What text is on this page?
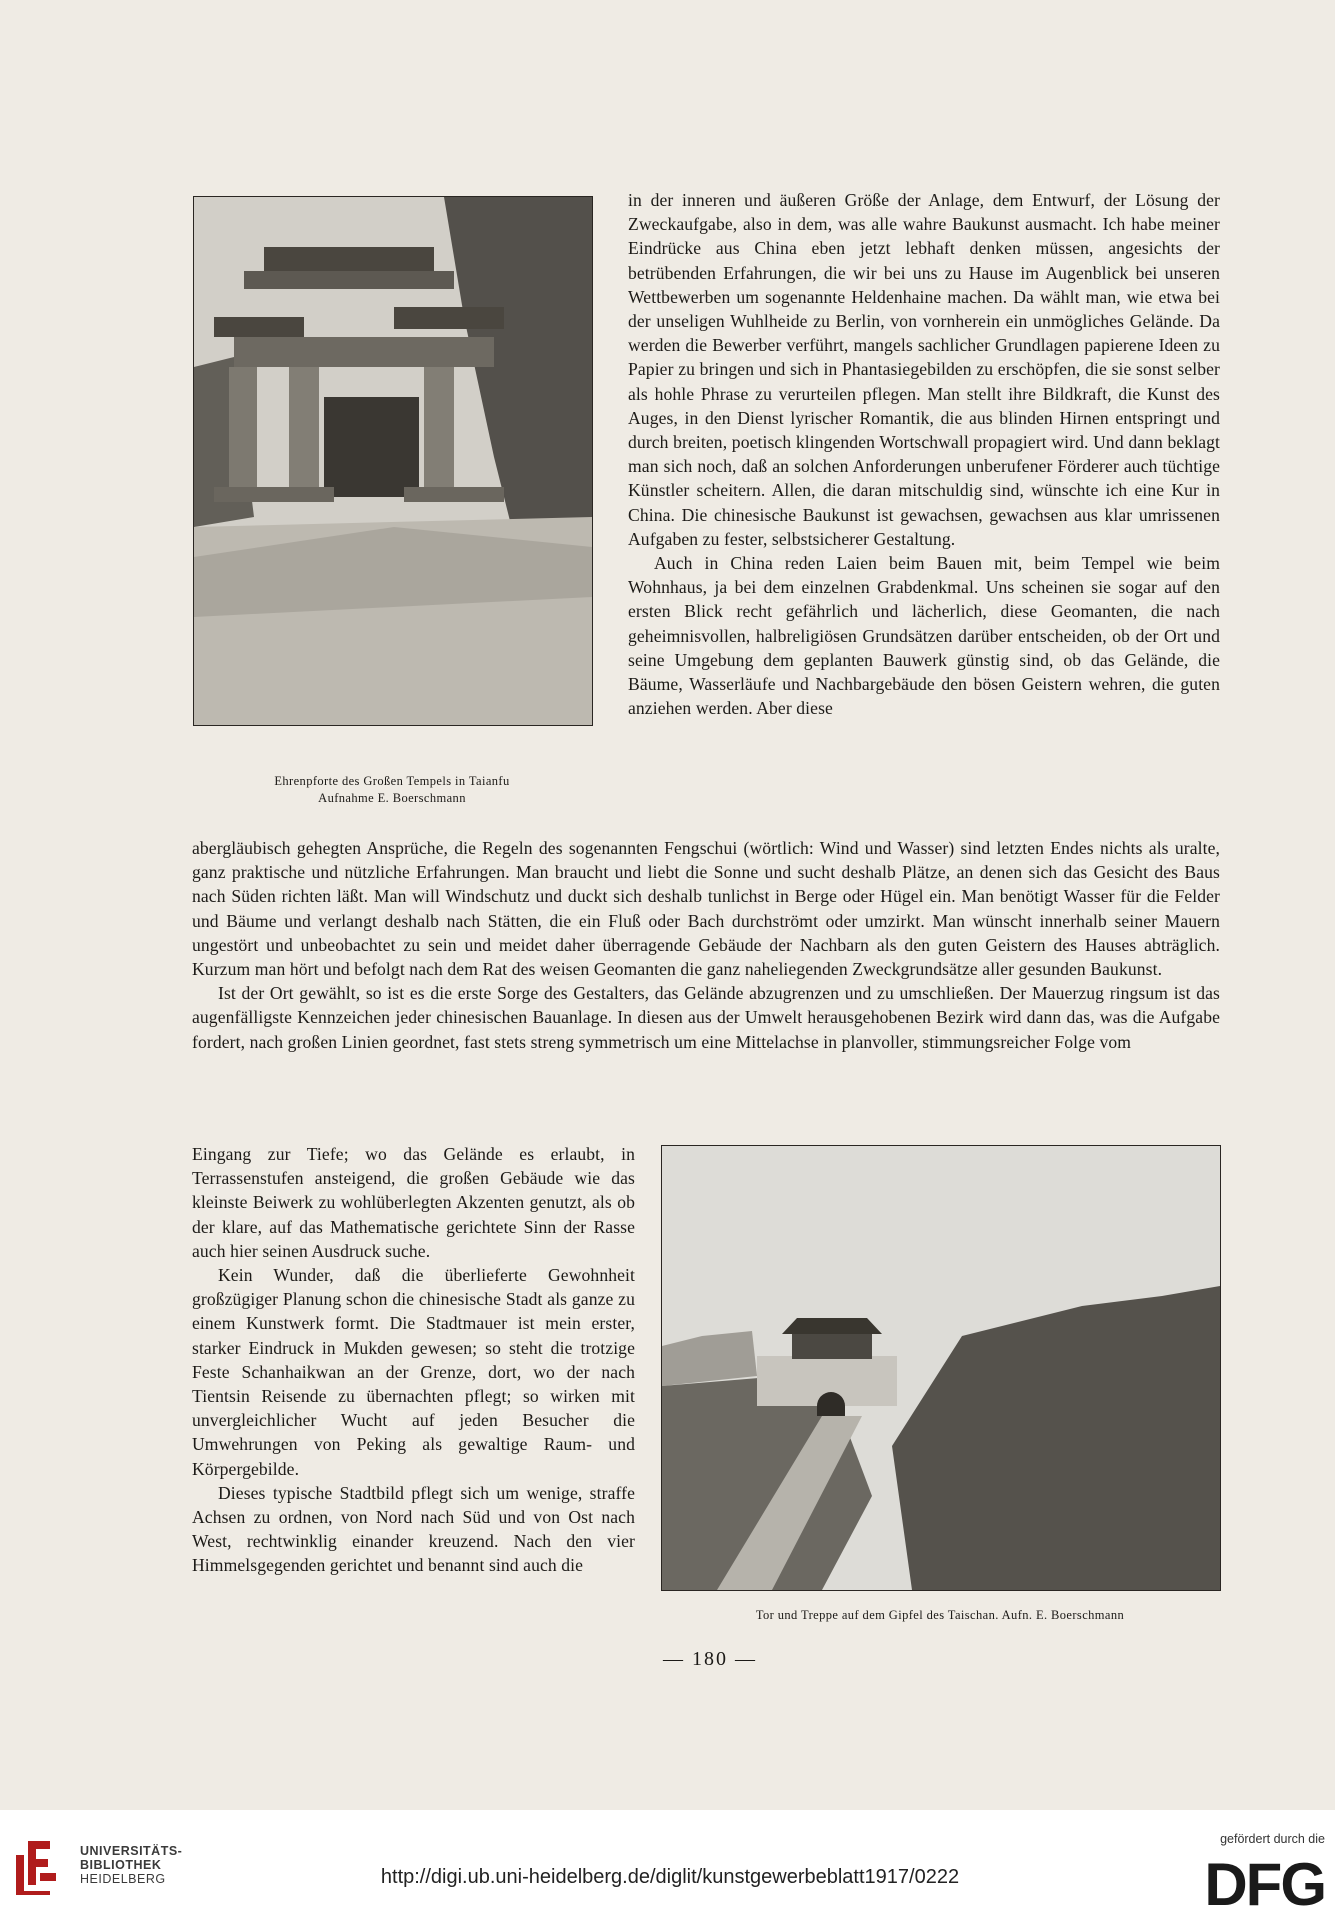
Ehrenpforte des Großen Tempels in Taianfu
Aufnahme E. Boerschmann

in der inneren und äußeren Größe der Anlage, dem Entwurf, der Lösung der Zweckaufgabe, also in dem, was alle wahre Baukunst ausmacht. Ich habe meiner Eindrücke aus China eben jetzt lebhaft denken müssen, angesichts der betrübenden Erfahrungen, die wir bei uns zu Hause im Augenblick bei unseren Wettbewerben um sogenannte Heldenhaine machen. Da wählt man, wie etwa bei der unseligen Wuhlheide zu Berlin, von vornherein ein unmögliches Gelände. Da werden die Bewerber verführt, mangels sachlicher Grundlagen papierene Ideen zu Papier zu bringen und sich in Phantasiegebilden zu erschöpfen, die sie sonst selber als hohle Phrase zu verurteilen pflegen. Man stellt ihre Bildkraft, die Kunst des Auges, in den Dienst lyrischer Romantik, die aus blinden Hirnen entspringt und durch breiten, poetisch klingenden Wortschwall propagiert wird. Und dann beklagt man sich noch, daß an solchen Anforderungen unberufener Förderer auch tüchtige Künstler scheitern. Allen, die daran mitschuldig sind, wünschte ich eine Kur in China. Die chinesische Baukunst ist gewachsen, gewachsen aus klar umrissenen Aufgaben zu fester, selbstsicherer Gestaltung.

Auch in China reden Laien beim Bauen mit, beim Tempel wie beim Wohnhaus, ja bei dem einzelnen Grabdenkmal. Uns scheinen sie sogar auf den ersten Blick recht gefährlich und lächerlich, diese Geomanten, die nach geheimnisvollen, halbreligiösen Grundsätzen darüber entscheiden, ob der Ort und seine Umgebung dem geplanten Bauwerk günstig sind, ob das Gelände, die Bäume, Wasserläufe und Nachbargebäude den bösen Geistern wehren, die guten anziehen werden. Aber diese

abergläubisch gehegten Ansprüche, die Regeln des sogenannten Fengschui (wörtlich: Wind und Wasser) sind letzten Endes nichts als uralte, ganz praktische und nützliche Erfahrungen. Man braucht und liebt die Sonne und sucht deshalb Plätze, an denen sich das Gesicht des Baus nach Süden richten läßt. Man will Windschutz und duckt sich deshalb tunlichst in Berge oder Hügel ein. Man benötigt Wasser für die Felder und Bäume und verlangt deshalb nach Stätten, die ein Fluß oder Bach durchströmt oder umzirkt. Man wünscht innerhalb seiner Mauern ungestört und unbeobachtet zu sein und meidet daher überragende Gebäude der Nachbarn als den guten Geistern des Hauses abträglich. Kurzum man hört und befolgt nach dem Rat des weisen Geomanten die ganz naheliegenden Zweckgrundsätze aller gesunden Baukunst.

Ist der Ort gewählt, so ist es die erste Sorge des Gestalters, das Gelände abzugrenzen und zu umschließen. Der Mauerzug ringsum ist das augenfälligste Kennzeichen jeder chinesischen Bauanlage. In diesen aus der Umwelt herausgehobenen Bezirk wird dann das, was die Aufgabe fordert, nach großen Linien geordnet, fast stets streng symmetrisch um eine Mittelachse in planvoller, stimmungsreicher Folge vom

Eingang zur Tiefe; wo das Gelände es erlaubt, in Terrassenstufen ansteigend, die großen Gebäude wie das kleinste Beiwerk zu wohlüberlegten Akzenten genutzt, als ob der klare, auf das Mathematische gerichtete Sinn der Rasse auch hier seinen Ausdruck suche.

Kein Wunder, daß die überlieferte Gewohnheit großzügiger Planung schon die chinesische Stadt als ganze zu einem Kunstwerk formt. Die Stadtmauer ist mein erster, starker Eindruck in Mukden gewesen; so steht die trotzige Feste Schanhaikwan an der Grenze, dort, wo der nach Tientsin Reisende zu übernachten pflegt; so wirken mit unvergleichlicher Wucht auf jeden Besucher die Umwehrungen von Peking als gewaltige Raum- und Körpergebilde.

Dieses typische Stadtbild pflegt sich um wenige, straffe Achsen zu ordnen, von Nord nach Süd und von Ost nach West, rechtwinklig einander kreuzend. Nach den vier Himmelsgegenden gerichtet und benannt sind auch die

Tor und Treppe auf dem Gipfel des Taischan. Aufn. E. Boerschmann
— 180 —
UNIVERSITÄTS-
BIBLIOTHEK
HEIDELBERG	http://digi.ub.uni-heidelberg.de/diglit/kunstgewerbeblatt1917/0222
gefördert durch die
DFG
